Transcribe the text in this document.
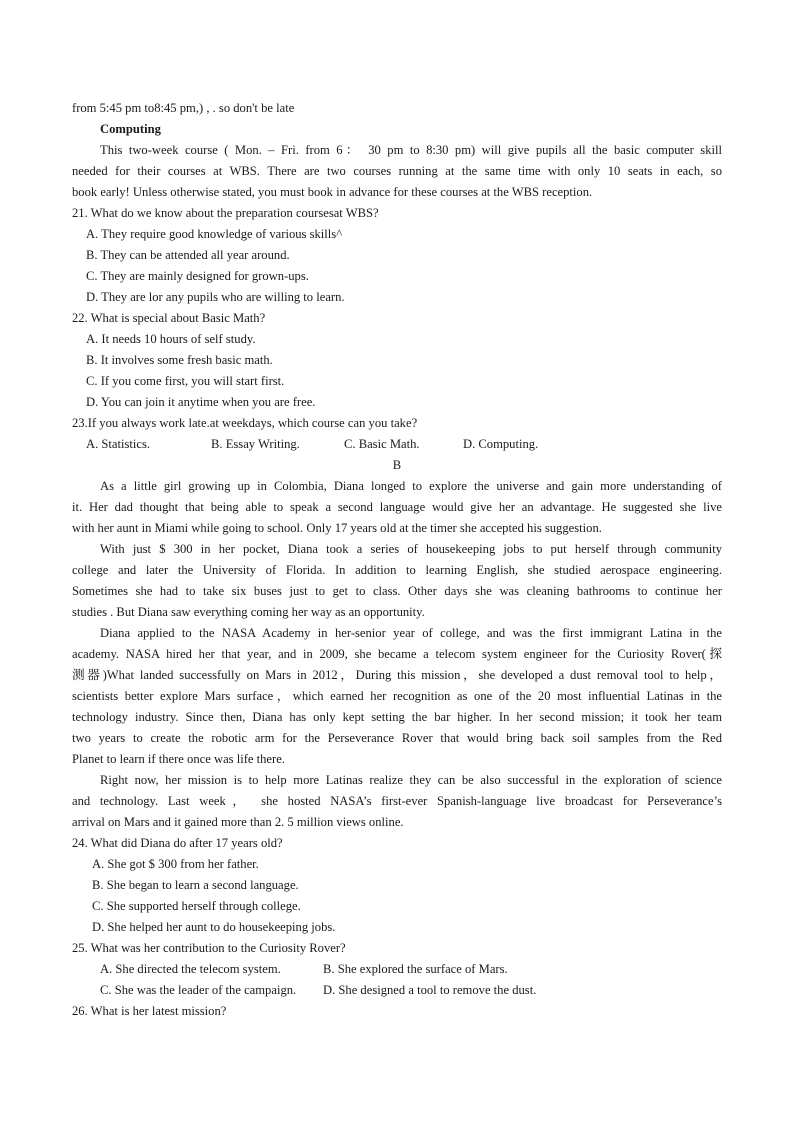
from 5:45 pm to8:45 pm,) , . so don't be late
Computing
This two-week course ( Mon. – Fri. from 6： 30 pm to 8:30 pm) will give pupils all the basic computer skill
needed for their courses at WBS. There are two courses running at the same time with only 10 seats in each, so
book early! Unless otherwise stated, you must book in advance for these courses at the WBS reception.
21. What do we know about the preparation coursesat WBS?
A. They require good knowledge of various skills^
B. They can be attended all year around.
C. They are mainly designed for grown-ups.
D. They are lor any pupils who are willing to learn.
22. What is special about Basic Math?
A. It needs 10 hours of self study.
B. It involves some fresh basic math.
C. If you come first, you will start first.
D. You can join it anytime when you are free.
23.If you always work late.at weekdays, which course can you take?
A. Statistics.	B. Essay Writing.	C. Basic Math.	D. Computing.
B
As a little girl growing up in Colombia, Diana longed to explore the universe and gain more understanding of
it. Her dad thought that being able to speak a second language would give her an advantage. He suggested she live
with her aunt in Miami while going to school. Only 17 years old at the timer she accepted his suggestion.
With just $ 300 in her pocket, Diana took a series of housekeeping jobs to put herself through community
college and later the University of Florida. In addition to learning English, she studied aerospace engineering.
Sometimes she had to take six buses just to get to class. Other days she was cleaning bathrooms to continue her
studies . But Diana saw everything coming her way as an opportunity.
Diana applied to the NASA Academy in her-senior year of college, and was the first immigrant Latina in the
academy. NASA hired her that year, and in 2009, she became a telecom system engineer for the Curiosity Rover(探
测器)What landed successfully on Mars in 2012，During this mission，she developed a dust removal tool to help，
scientists better explore Mars surface，which earned her recognition as one of the 20 most influential Latinas in the
technology industry. Since then, Diana has only kept setting the bar higher. In her second mission; it took her team
two years to create the robotic arm for the Perseverance Rover that would bring back soil samples from the Red
Planet to learn if there once was life there.
Right now, her mission is to help more Latinas realize they can be also successful in the exploration of science
and technology. Last week， she hosted NASA’s first-ever Spanish-language live broadcast for Perseverance’s
arrival on Mars and it gained more than 2. 5 million views online.
24. What did Diana do after 17 years old?
A. She got $ 300 from her father.
B. She began to learn a second language.
C. She supported herself through college.
D. She helped her aunt to do housekeeping jobs.
25. What was her contribution to the Curiosity Rover?
A. She directed the telecom system.	B. She explored the surface of Mars.
C. She was the leader of the campaign.	D. She designed a tool to remove the dust.
26. What is her latest mission?
